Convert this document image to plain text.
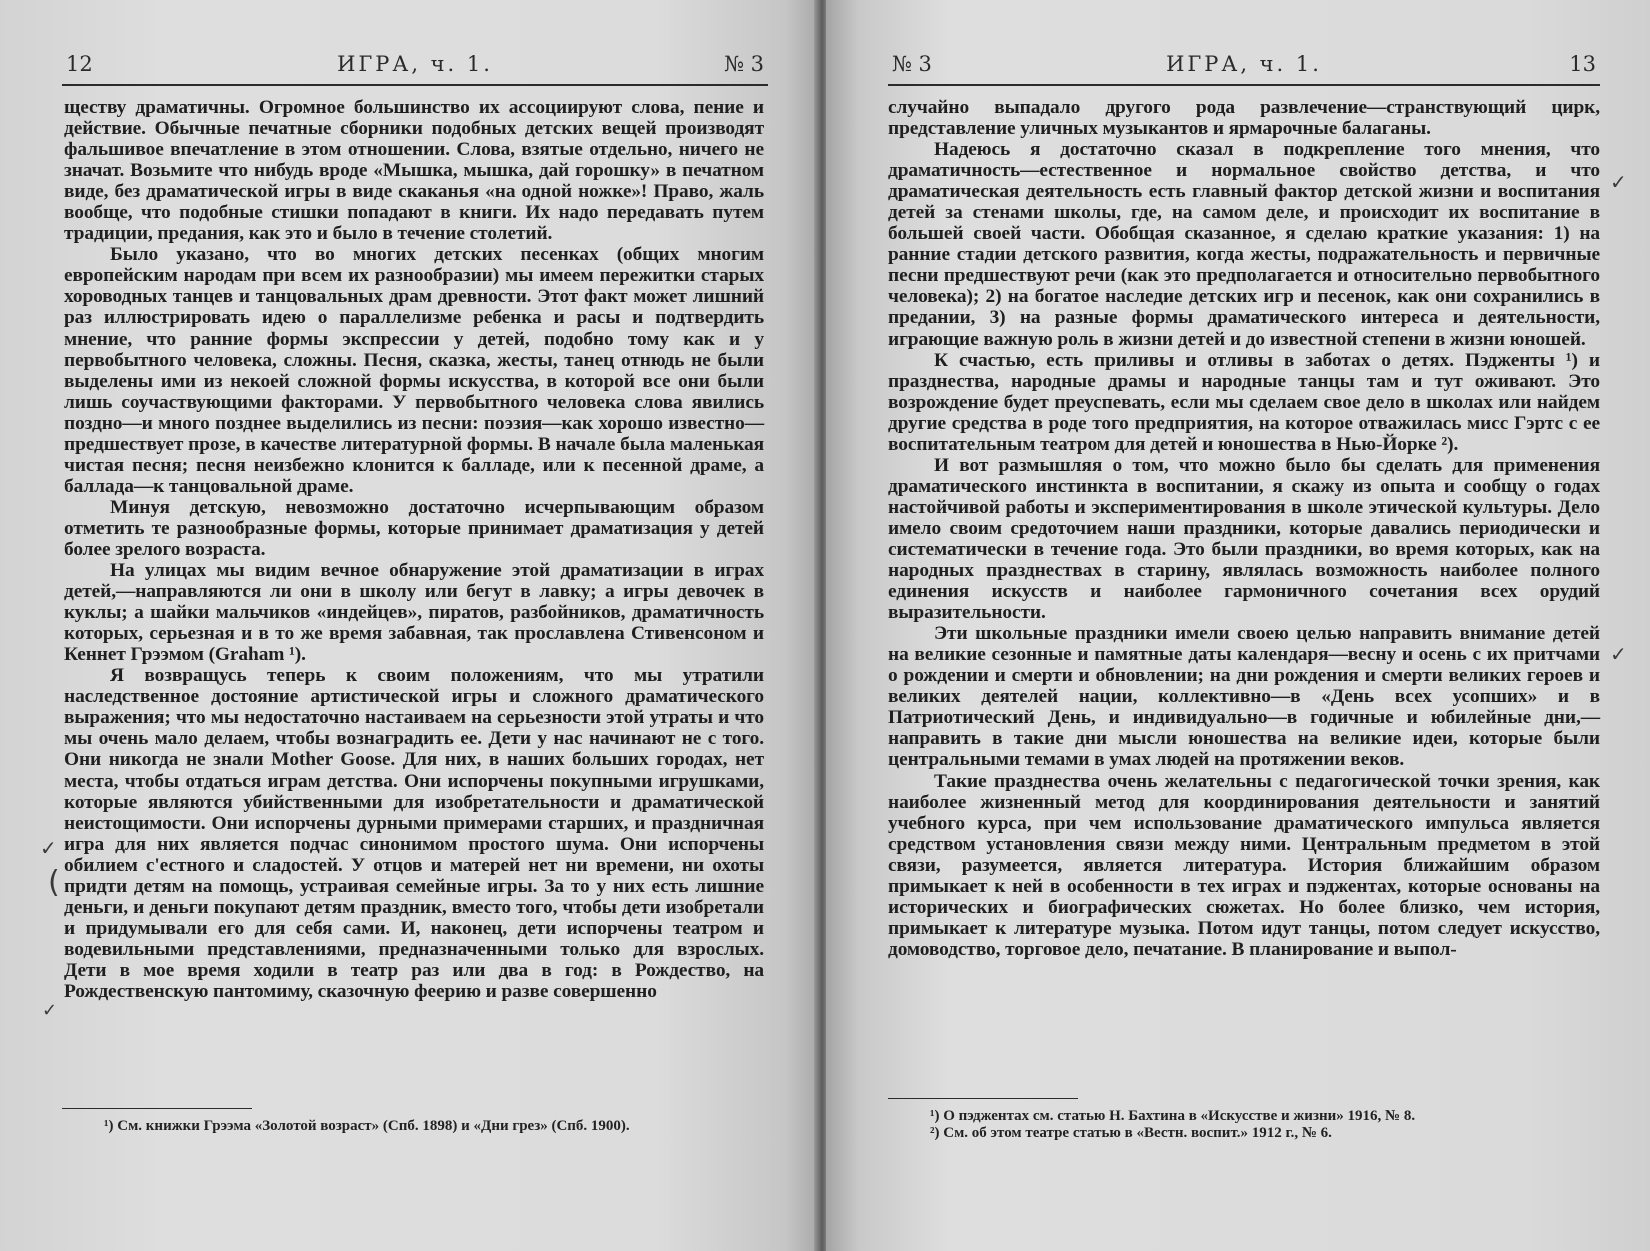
12	ИГРА, ч. 1.	№ 3

ществу драматичны. Огромное большинство их ассоциируют слова, пение и действие. Обычные печатные сборники подобных детских вещей производят фальшивое впечатление в этом отношении. Слова, взятые отдельно, ничего не значат. Возьмите что нибудь вроде «Мышка, мышка, дай горошку» в печатном виде, без драматической игры в виде скаканья «на одной ножке»! Право, жаль вообще, что подобные стишки попадают в книги. Их надо передавать путем традиции, предания, как это и было в течение столетий.

Было указано, что во многих детских песенках (общих многим европейским народам при всем их разнообразии) мы имеем пережитки старых хороводных танцев и танцовальных драм древности. Этот факт может лишний раз иллюстрировать идею о параллелизме ребенка и расы и подтвердить мнение, что ранние формы экспрессии у детей, подобно тому как и у первобытного человека, сложны. Песня, сказка, жесты, танец отнюдь не были выделены ими из некоей сложной формы искусства, в которой все они были лишь соучаствующими факторами. У первобытного человека слова явились поздно—и много позднее выделились из песни: поэзия—как хорошо известно—предшествует прозе, в качестве литературной формы. В начале была маленькая чистая песня; песня неизбежно клонится к балладе, или к песенной драме, а баллада—к танцовальной драме.

Минуя детскую, невозможно достаточно исчерпывающим образом отметить те разнообразные формы, которые принимает драматизация у детей более зрелого возраста.

На улицах мы видим вечное обнаружение этой драматизации в играх детей,—направляются ли они в школу или бегут в лавку; а игры девочек в куклы; а шайки мальчиков «индейцев», пиратов, разбойников, драматичность которых, серьезная и в то же время забавная, так прославлена Стивенсоном и Кеннет Грээмом (Graham ¹).

Я возвращусь теперь к своим положениям, что мы утратили наследственное достояние артистической игры и сложного драматического выражения; что мы недостаточно настаиваем на серьезности этой утраты и что мы очень мало делаем, чтобы вознаградить ее. Дети у нас начинают не с того. Они никогда не знали Mother Goose. Для них, в наших больших городах, нет места, чтобы отдаться играм детства. Они испорчены покупными игрушками, которые являются убийственными для изобретательности и драматической неистощимости. Они испорчены дурными примерами старших, и праздничная игра для них является подчас синонимом простого шума. Они испорчены обилием с'естного и сладостей. У отцов и матерей нет ни времени, ни охоты придти детям на помощь, устраивая семейные игры. За то у них есть лишние деньги, и деньги покупают детям праздник, вместо того, чтобы дети изобретали и придумывали его для себя сами. И, наконец, дети испорчены театром и водевильными представлениями, предназначенными только для взрослых. Дети в мое время ходили в театр раз или два в год: в Рождество, на Рождественскую пантомиму, сказочную феерию и разве совершенно

¹) См. книжки Грээма «Золотой возраст» (Спб. 1898) и «Дни грез» (Спб. 1900).
✓
✓
(
№ 3	ИГРА, ч. 1.	13

случайно выпадало другого рода развлечение—странствующий цирк, представление уличных музыкантов и ярмарочные балаганы.

Надеюсь я достаточно сказал в подкрепление того мнения, что драматичность—естественное и нормальное свойство детства, и что драматическая деятельность есть главный фактор детской жизни и воспитания детей за стенами школы, где, на самом деле, и происходит их воспитание в большей своей части. Обобщая сказанное, я сделаю краткие указания: 1) на ранние стадии детского развития, когда жесты, подражательность и первичные песни предшествуют речи (как это предполагается и относительно первобытного человека); 2) на богатое наследие детских игр и песенок, как они сохранились в предании, 3) на разные формы драматического интереса и деятельности, играющие важную роль в жизни детей и до известной степени в жизни юношей.

К счастью, есть приливы и отливы в заботах о детях. Пэдженты ¹) и празднества, народные драмы и народные танцы там и тут оживают. Это возрождение будет преуспевать, если мы сделаем свое дело в школах или найдем другие средства в роде того предприятия, на которое отважилась мисс Гэртс с ее воспитательным театром для детей и юношества в Нью-Йорке ²).

И вот размышляя о том, что можно было бы сделать для применения драматического инстинкта в воспитании, я скажу из опыта и сообщу о годах настойчивой работы и экспериментирования в школе этической культуры. Дело имело своим средоточием наши праздники, которые давались периодически и систематически в течение года. Это были праздники, во время которых, как на народных празднествах в старину, являлась возможность наиболее полного единения искусств и наиболее гармоничного сочетания всех орудий выразительности.

Эти школьные праздники имели своею целью направить внимание детей на великие сезонные и памятные даты календаря—весну и осень с их притчами о рождении и смерти и обновлении; на дни рождения и смерти великих героев и великих деятелей нации, коллективно—в «День всех усопших» и в Патриотический День, и индивидуально—в годичные и юбилейные дни,—направить в такие дни мысли юношества на великие идеи, которые были центральными темами в умах людей на протяжении веков.

Такие празднества очень желательны с педагогической точки зрения, как наиболее жизненный метод для координирования деятельности и занятий учебного курса, при чем использование драматического импульса является средством установления связи между ними. Центральным предметом в этой связи, разумеется, является литература. История ближайшим образом примыкает к ней в особенности в тех играх и пэджентах, которые основаны на исторических и биографических сюжетах. Но более близко, чем история, примыкает к литературе музыка. Потом идут танцы, потом следует искусство, домоводство, торговое дело, печатание. В планирование и выпол-

¹) О пэджентах см. статью Н. Бахтина в «Искусстве и жизни» 1916, № 8.
²) См. об этом театре статью в «Вестн. воспит.» 1912 г., № 6.
✓
✓
